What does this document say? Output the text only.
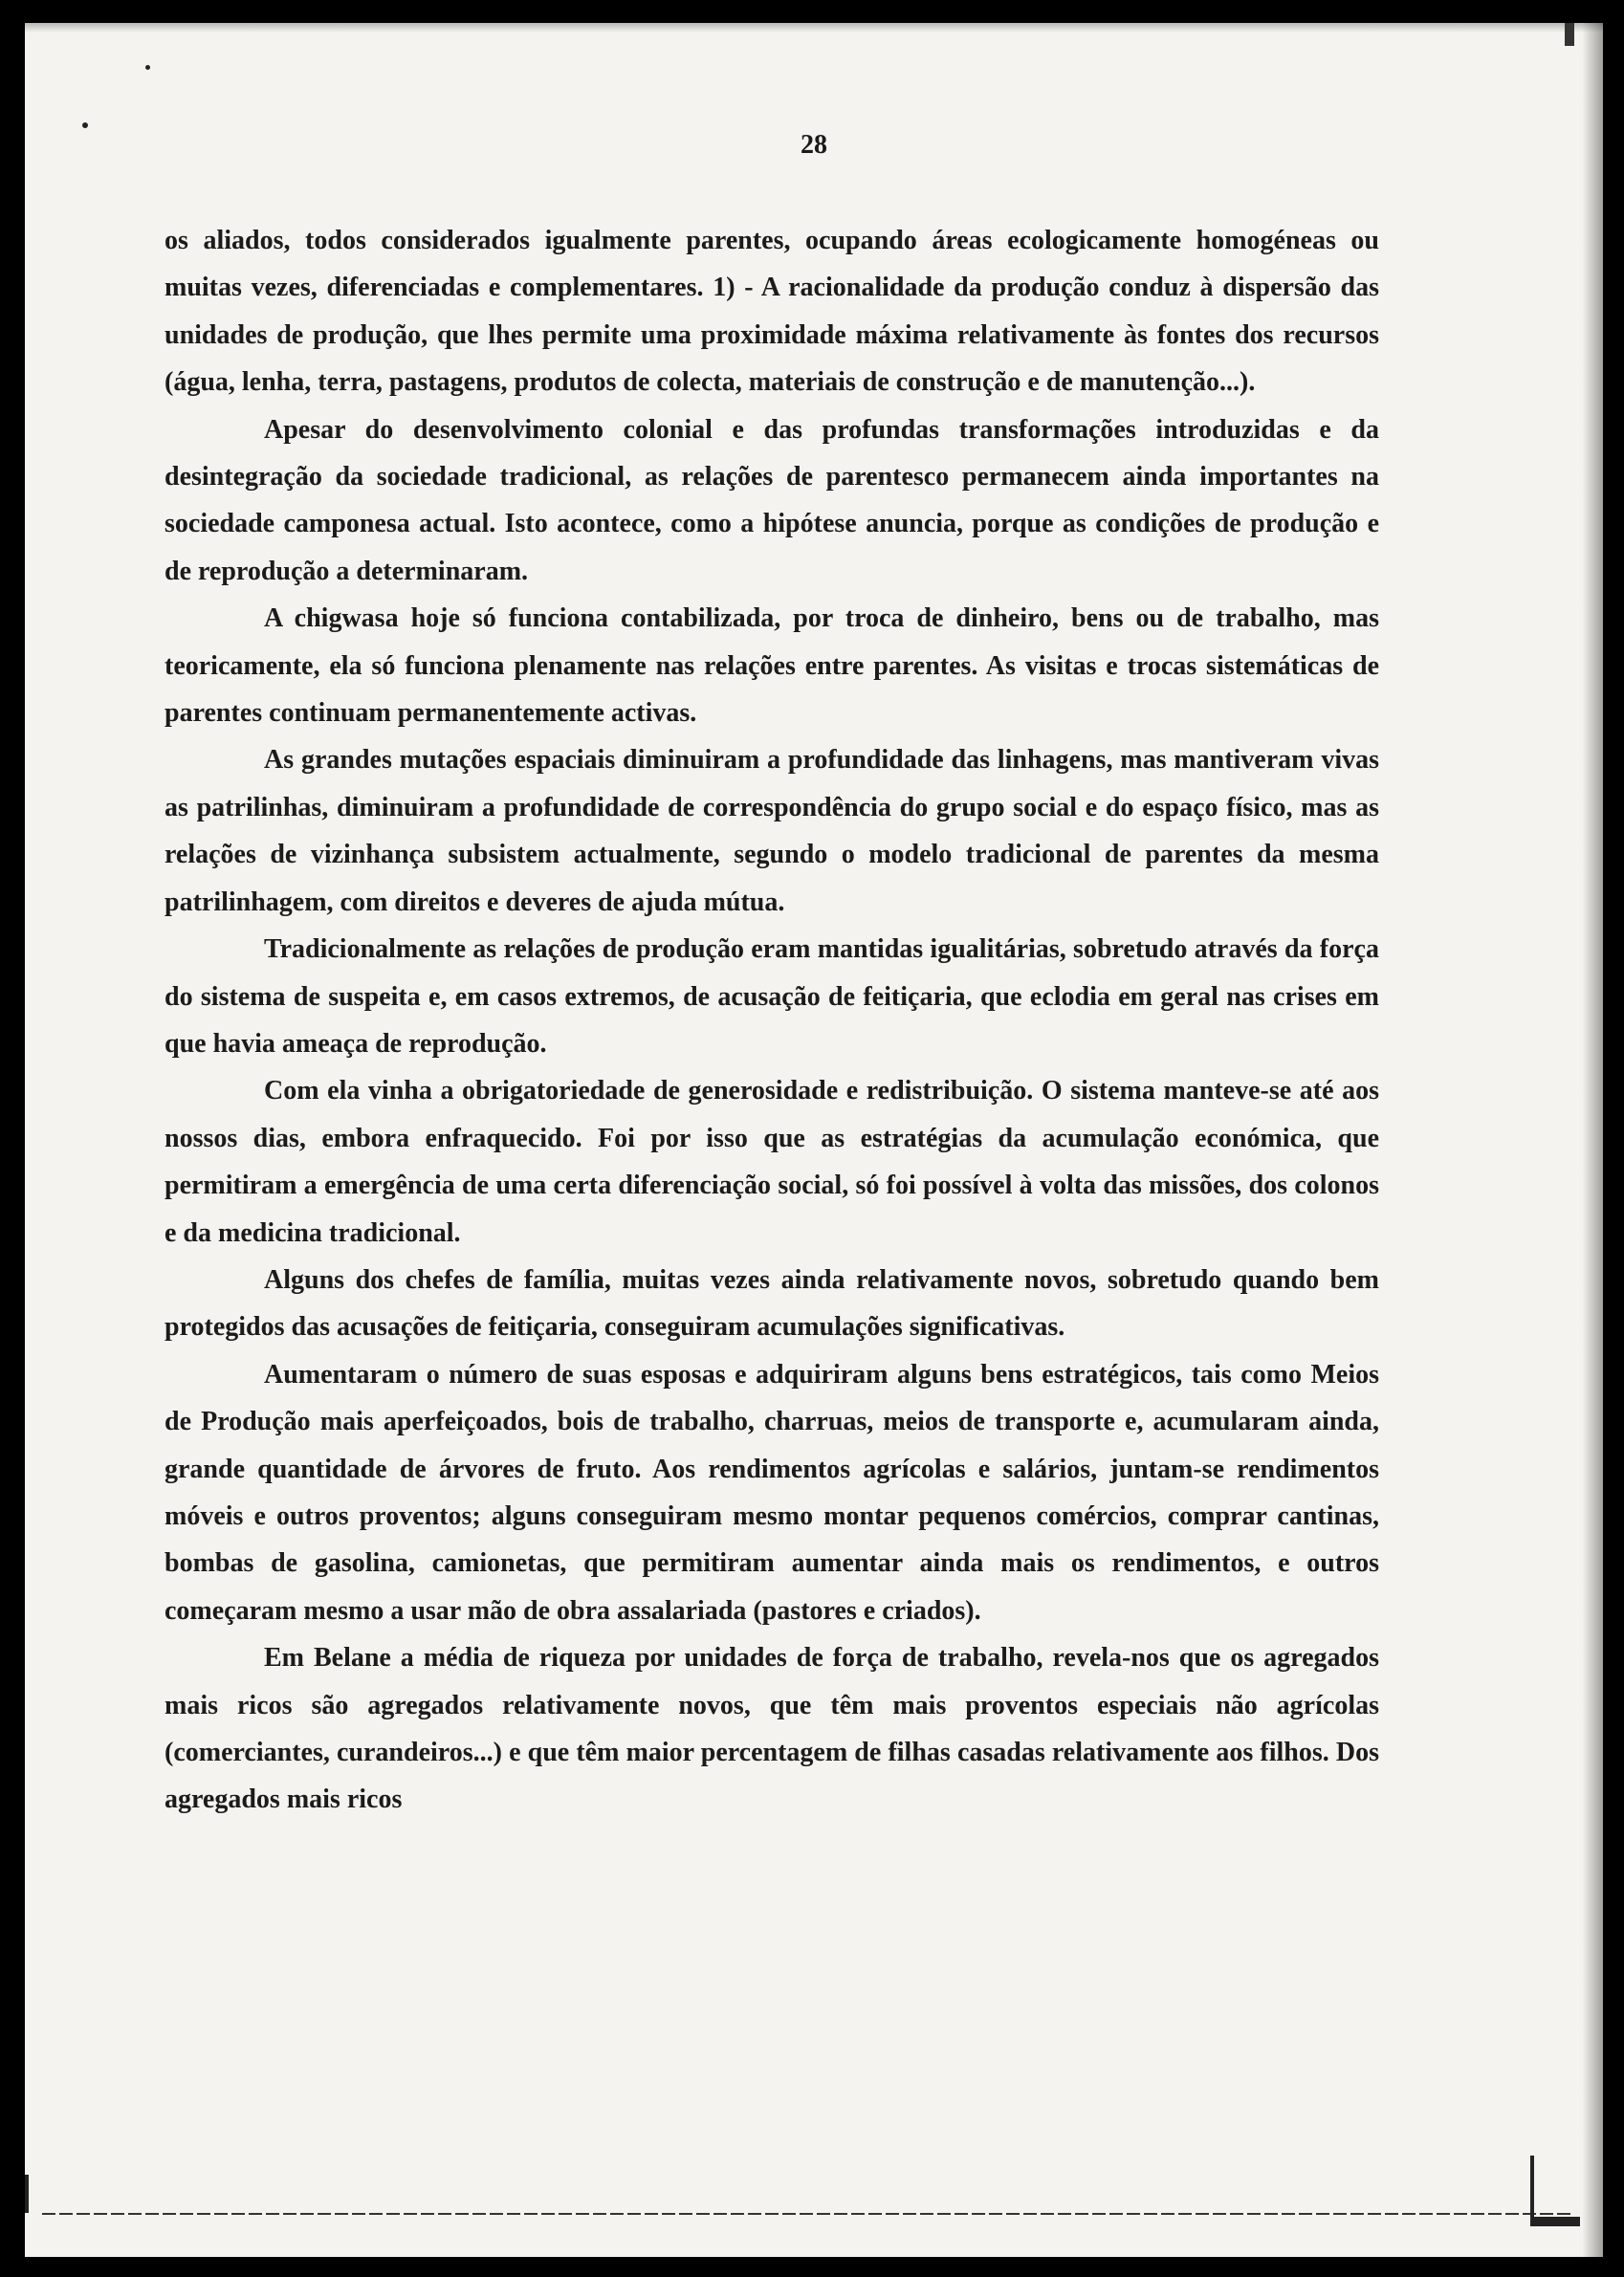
28

os aliados, todos considerados igualmente parentes, ocupando áreas ecologicamente homogéneas ou muitas vezes, diferenciadas e complementares. 1) - A racionalidade da produção conduz à dispersão das unidades de produção, que lhes permite uma proximidade máxima relativamente às fontes dos recursos (água, lenha, terra, pastagens, produtos de colecta, materiais de construção e de manutenção...).

Apesar do desenvolvimento colonial e das profundas transformações introduzidas e da desintegração da sociedade tradicional, as relações de parentesco permanecem ainda importantes na sociedade camponesa actual. Isto acontece, como a hipótese anuncia, porque as condições de produção e de reprodução a determinaram.

A chigwasa hoje só funciona contabilizada, por troca de dinheiro, bens ou de trabalho, mas teoricamente, ela só funciona plenamente nas relações entre parentes. As visitas e trocas sistemáticas de parentes continuam permanentemente activas.

As grandes mutações espaciais diminuiram a profundidade das linhagens, mas mantiveram vivas as patrilinhas, diminuiram a profundidade de correspondência do grupo social e do espaço físico, mas as relações de vizinhança subsistem actualmente, segundo o modelo tradicional de parentes da mesma patrilinhagem, com direitos e deveres de ajuda mútua.

Tradicionalmente as relações de produção eram mantidas igualitárias, sobretudo através da força do sistema de suspeita e, em casos extremos, de acusação de feitiçaria, que eclodia em geral nas crises em que havia ameaça de reprodução.

Com ela vinha a obrigatoriedade de generosidade e redistribuição. O sistema manteve-se até aos nossos dias, embora enfraquecido. Foi por isso que as estratégias da acumulação económica, que permitiram a emergência de uma certa diferenciação social, só foi possível à volta das missões, dos colonos e da medicina tradicional.

Alguns dos chefes de família, muitas vezes ainda relativamente novos, sobretudo quando bem protegidos das acusações de feitiçaria, conseguiram acumulações significativas.

Aumentaram o número de suas esposas e adquiriram alguns bens estratégicos, tais como Meios de Produção mais aperfeiçoados, bois de trabalho, charruas, meios de transporte e, acumularam ainda, grande quantidade de árvores de fruto. Aos rendimentos agrícolas e salários, juntam-se rendimentos móveis e outros proventos; alguns conseguiram mesmo montar pequenos comércios, comprar cantinas, bombas de gasolina, camionetas, que permitiram aumentar ainda mais os rendimentos, e outros começaram mesmo a usar mão de obra assalariada (pastores e criados).

Em Belane a média de riqueza por unidades de força de trabalho, revela-nos que os agregados mais ricos são agregados relativamente novos, que têm mais proventos especiais não agrícolas (comerciantes, curandeiros...) e que têm maior percentagem de filhas casadas relativamente aos filhos. Dos agregados mais ricos
